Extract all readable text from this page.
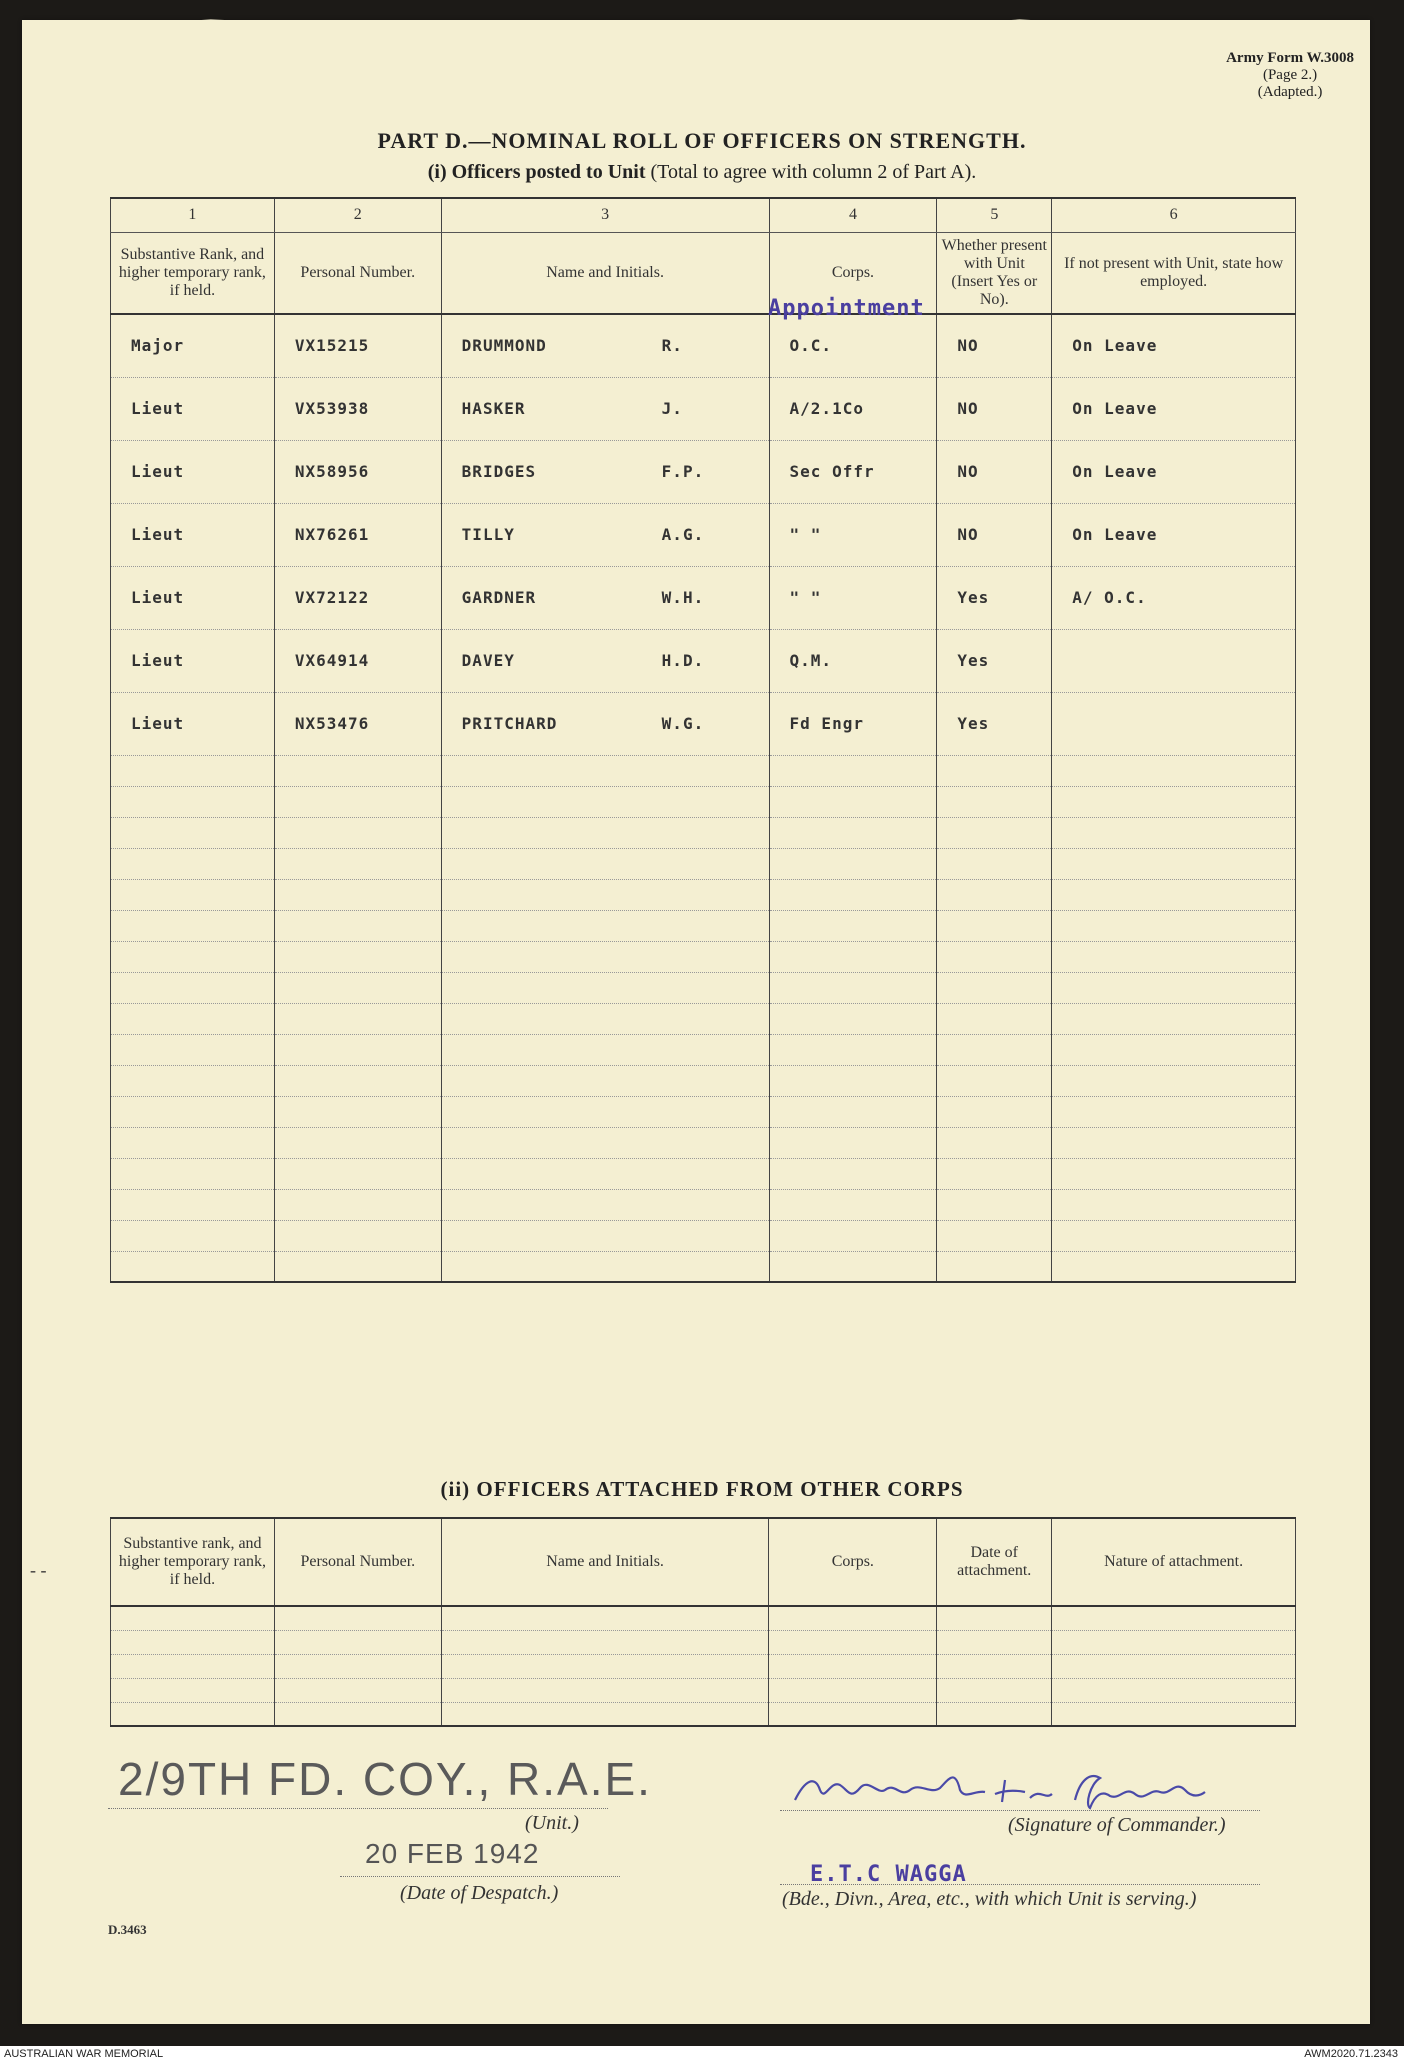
Army Form W.3008
(Page 2.)
(Adapted.)
PART D.—NOMINAL ROLL OF OFFICERS ON STRENGTH.
(i) Officers posted to Unit (Total to agree with column 2 of Part A).
1	2	3	4	5	6
Substantive Rank, and higher temporary rank, if held.	Personal Number.	Name and Initials.	Corps.	Whether present with Unit (Insert Yes or No).	If not present with Unit, state how employed.
Major	VX15215	DRUMMOND R.	O.C.	NO	On Leave
Lieut	VX53938	HASKER J.	A/2.1Co	NO	On Leave
Lieut	NX58956	BRIDGES F.P.	Sec Offr	NO	On Leave
Lieut	NX76261	TILLY A.G.	" "	NO	On Leave
Lieut	VX72122	GARDNER W.H.	" "	Yes	A/ O.C.
Lieut	VX64914	DAVEY H.D.	Q.M.	Yes	
Lieut	NX53476	PRITCHARD W.G.	Fd Engr	Yes	

Appointment
(ii) OFFICERS ATTACHED FROM OTHER CORPS
Substantive rank, and higher temporary rank, if held.	Personal Number.	Name and Initials.	Corps.	Date of attachment.	Nature of attachment.

- -
2/9TH FD. COY., R.A.E.
(Unit.)
20 FEB 1942
(Date of Despatch.)
(Signature of Commander.)
E.T.C WAGGA
(Bde., Divn., Area, etc., with which Unit is serving.)
D.3463
AUSTRALIAN WAR MEMORIAL	AWM2020.71.2343
